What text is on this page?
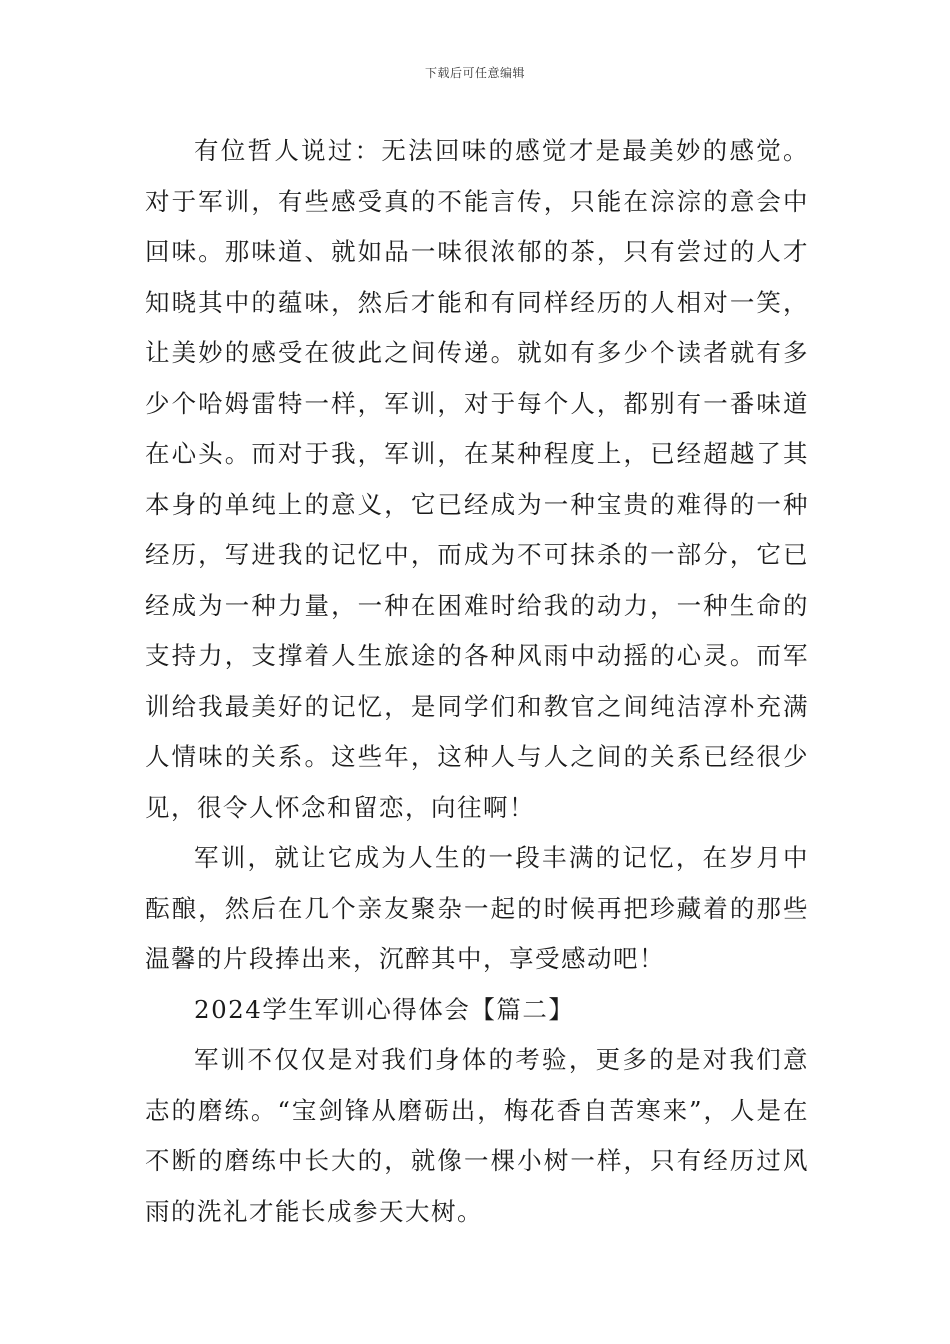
下载后可任意编辑

有位哲人说过：无法回味的感觉才是最美妙的感觉。对于军训，有些感受真的不能言传，只能在淙淙的意会中回味。那味道、就如品一味很浓郁的茶，只有尝过的人才知晓其中的蕴味，然后才能和有同样经历的人相对一笑，让美妙的感受在彼此之间传递。就如有多少个读者就有多少个哈姆雷特一样，军训，对于每个人，都别有一番味道在心头。而对于我，军训，在某种程度上，已经超越了其本身的单纯上的意义，它已经成为一种宝贵的难得的一种经历，写进我的记忆中，而成为不可抹杀的一部分，它已经成为一种力量，一种在困难时给我的动力，一种生命的支持力，支撑着人生旅途的各种风雨中动摇的心灵。而军训给我最美好的记忆，是同学们和教官之间纯洁淳朴充满人情味的关系。这些年，这种人与人之间的关系已经很少见，很令人怀念和留恋，向往啊！

军训，就让它成为人生的一段丰满的记忆，在岁月中酝酿，然后在几个亲友聚杂一起的时候再把珍藏着的那些温馨的片段捧出来，沉醉其中，享受感动吧！

2024学生军训心得体会【篇二】

军训不仅仅是对我们身体的考验，更多的是对我们意志的磨练。“宝剑锋从磨砺出，梅花香自苦寒来”，人是在不断的磨练中长大的，就像一棵小树一样，只有经历过风雨的洗礼才能长成参天大树。
